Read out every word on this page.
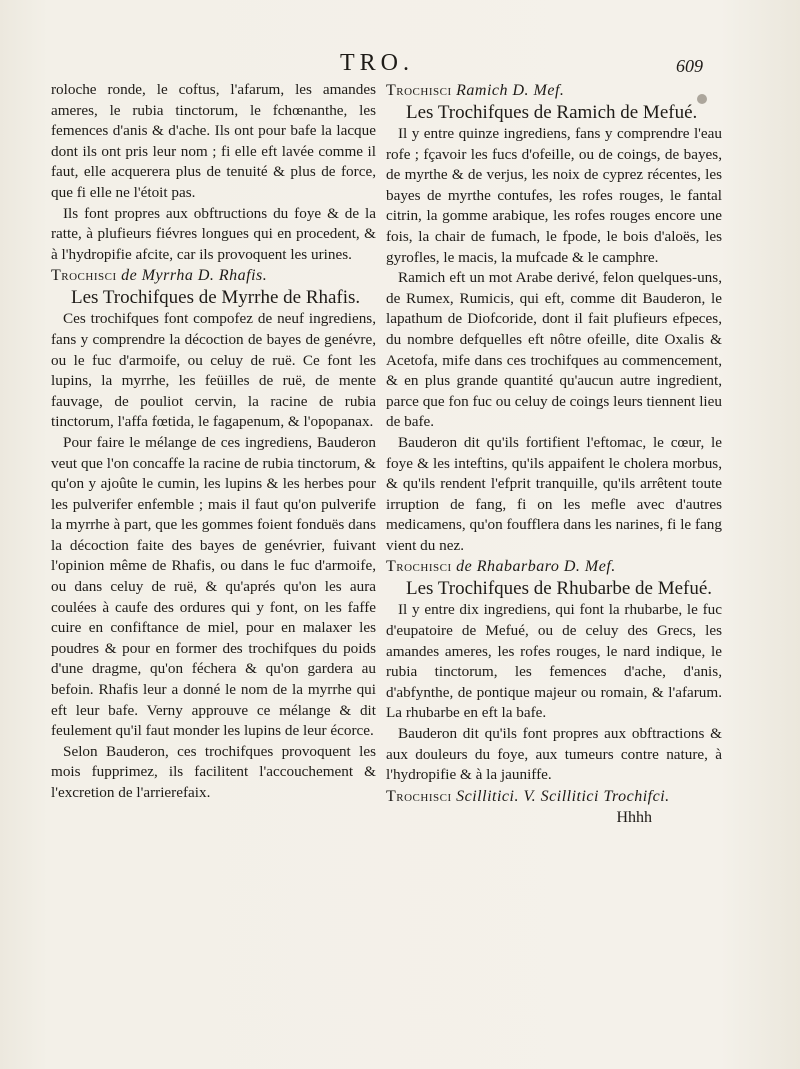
TRO.	609

roloche ronde, le coftus, l'afarum, les amandes ameres, le rubia tinctorum, le fchœnanthe, les femences d'anis & d'ache. Ils ont pour bafe la lacque dont ils ont pris leur nom ; fi elle eft lavée comme il faut, elle acquerera plus de tenuité & plus de force, que fi elle ne l'étoit pas.

Ils font propres aux obftructions du foye & de la ratte, à plufieurs fiévres longues qui en procedent, & à l'hydropifie afcite, car ils provoquent les urines.

Trochisci de Myrrha D. Rhafis.

Les Trochifques de Myrrhe de Rhafis.

Ces trochifques font compofez de neuf ingrediens, fans y comprendre la décoction de bayes de genévre, ou le fuc d'armoife, ou celuy de ruë. Ce font les lupins, la myrrhe, les feüilles de ruë, de mente fauvage, de pouliot cervin, la racine de rubia tinctorum, l'affa fœtida, le fagapenum, & l'opopanax.

Pour faire le mélange de ces ingrediens, Bauderon veut que l'on concaffe la racine de rubia tinctorum, & qu'on y ajoûte le cumin, les lupins & les herbes pour les pulverifer enfemble ; mais il faut qu'on pulverife la myrrhe à part, que les gommes foient fonduës dans la décoction faite des bayes de genévrier, fuivant l'opinion même de Rhafis, ou dans le fuc d'armoife, ou dans celuy de ruë, & qu'aprés qu'on les aura coulées à caufe des ordures qui y font, on les faffe cuire en confiftance de miel, pour en malaxer les poudres & pour en former des trochifques du poids d'une dragme, qu'on féchera & qu'on gardera au befoin. Rhafis leur a donné le nom de la myrrhe qui eft leur bafe. Verny approuve ce mélange & dit feulement qu'il faut monder les lupins de leur écorce.

Selon Bauderon, ces trochifques provoquent les mois fupprimez, ils facilitent l'accouchement & l'excretion de l'arrierefaix.

Trochisci Ramich D. Mef.

Les Trochifques de Ramich de Mefué.

Il y entre quinze ingrediens, fans y comprendre l'eau rofe ; fçavoir les fucs d'ofeille, ou de coings, de bayes, de myrthe & de verjus, les noix de cyprez récentes, les bayes de myrthe contufes, les rofes rouges, le fantal citrin, la gomme arabique, les rofes rouges encore une fois, la chair de fumach, le fpode, le bois d'aloës, les gyrofles, le macis, la mufcade & le camphre.

Ramich eft un mot Arabe derivé, felon quelques-uns, de Rumex, Rumicis, qui eft, comme dit Bauderon, le lapathum de Diofcoride, dont il fait plufieurs efpeces, du nombre defquelles eft nôtre ofeille, dite Oxalis & Acetofa, mife dans ces trochifques au commencement, & en plus grande quantité qu'aucun autre ingredient, parce que fon fuc ou celuy de coings leurs tiennent lieu de bafe.

Bauderon dit qu'ils fortifient l'eftomac, le cœur, le foye & les inteftins, qu'ils appaifent le cholera morbus, & qu'ils rendent l'efprit tranquille, qu'ils arrêtent toute irruption de fang, fi on les mefle avec d'autres medicamens, qu'on foufflera dans les narines, fi le fang vient du nez.

Trochisci de Rhabarbaro D. Mef.

Les Trochifques de Rhubarbe de Mefué.

Il y entre dix ingrediens, qui font la rhubarbe, le fuc d'eupatoire de Mefué, ou de celuy des Grecs, les amandes ameres, les rofes rouges, le nard indique, le rubia tinctorum, les femences d'ache, d'anis, d'abfynthe, de pontique majeur ou romain, & l'afarum. La rhubarbe en eft la bafe.

Bauderon dit qu'ils font propres aux obftractions & aux douleurs du foye, aux tumeurs contre nature, à l'hydropifie & à la jauniffe.

Trochisci Scillitici. V. Scillitici Trochifci.

Hhhh
